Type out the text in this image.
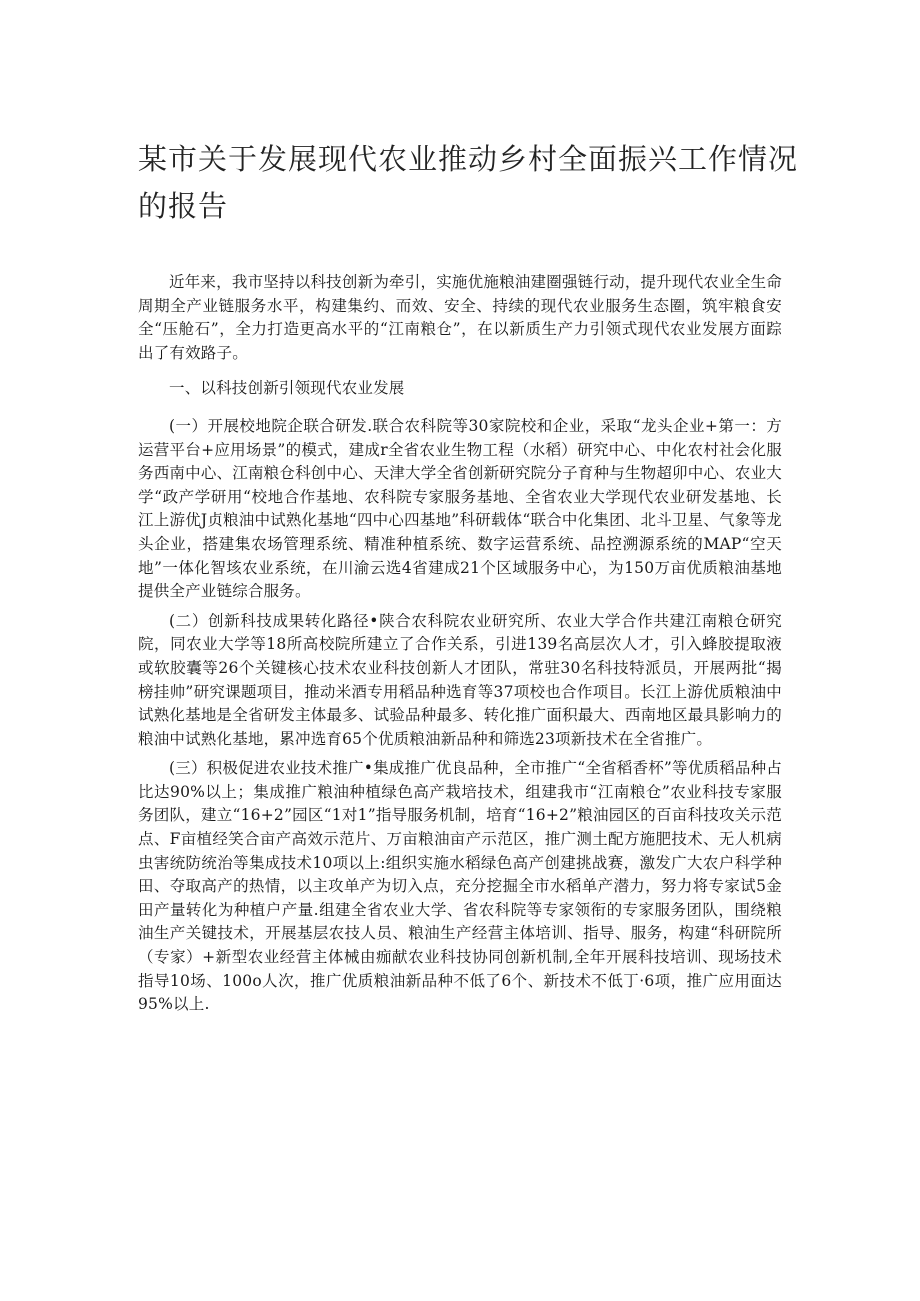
某市关于发展现代农业推动乡村全面振兴工作情况的报告

近年来，我市坚持以科技创新为牵引，实施优施粮油建圈强链行动，提升现代农业全生命周期全产业链服务水平，构建集约、而效、安全、持续的现代农业服务生态圈，筑牢粮食安全“压舱石”，全力打造更高水平的“江南粮仓”，在以新质生产力引领式现代农业发展方面踪出了有效路子。

一、以科技创新引领现代农业发展

(一）开展校地院企联合研发.联合农科院等30家院校和企业，采取“龙头企业+第一：方运营平台+应用场景”的模式，建成r全省农业生物工程（水稻）研究中心、中化农村社会化服务西南中心、江南粮仓科创中心、天津大学全省创新研究院分子育种与生物超卯中心、农业大学“政产学研用“校地合作基地、农科院专家服务基地、全省农业大学现代农业研发基地、长江上游优J贞粮油中试熟化基地“四中心四基地”科研载体“联合中化集团、北斗卫星、气象等龙头企业，搭建集农场管理系统、精准种植系统、数字运营系统、品控溯源系统的MAP“空天地”一体化智垓农业系统，在川渝云选4省建成21个区域服务中心，为150万亩优质粮油基地提供全产业链综合服务。

(二）创新科技成果转化路径•陕合农科院农业研究所、农业大学合作共建江南粮仓研究院，同农业大学等18所高校院所建立了合作关系，引进139名高层次人才，引入蜂胶提取液或软胶囊等26个关键核心技术农业科技创新人才团队，常驻30名科技特派员，开展两批“揭榜挂帅”研究课题项目，推动米酒专用稻品种选育等37项校也合作项目。长江上游优质粮油中试熟化基地是全省研发主体最多、试验品种最多、转化推广面积最大、西南地区最具影响力的粮油中试熟化基地，累冲选育65个优质粮油新品种和筛选23项新技术在全省推广。

(三）积极促进农业技术推广•集成推广优良品种，全市推广“全省稻香杯”等优质稻品种占比达90%以上；集成推广粮油种植绿色高产栽培技术，组建我市“江南粮仓”农业科技专家服务团队，建立“16+2”园区“1对1”指导服务机制，培育“16+2”粮油园区的百亩科技攻关示范点、F亩植经笑合亩产高效示范片、万亩粮油亩产示范区，推广测土配方施肥技术、无人机病虫害统防统治等集成技术10项以上:组织实施水稻绿色高产创建挑战赛，激发广大农户科学种田、夺取高产的热情，以主攻单产为切入点，充分挖掘全市水稻单产潜力，努力将专家试5金田产量转化为种植户产量.组建全省农业大学、省农科院等专家领衔的专家服务团队，围绕粮油生产关键技术，开展基层农技人员、粮油生产经营主体培训、指导、服务，构建“科研院所（专家）+新型农业经营主体械由痂献农业科技协同创新机制,全年开展科技培训、现场技术指导10场、100o人次，推广优质粮油新品种不低了6个、新技术不低丁·6项，推广应用面达95%以上.
